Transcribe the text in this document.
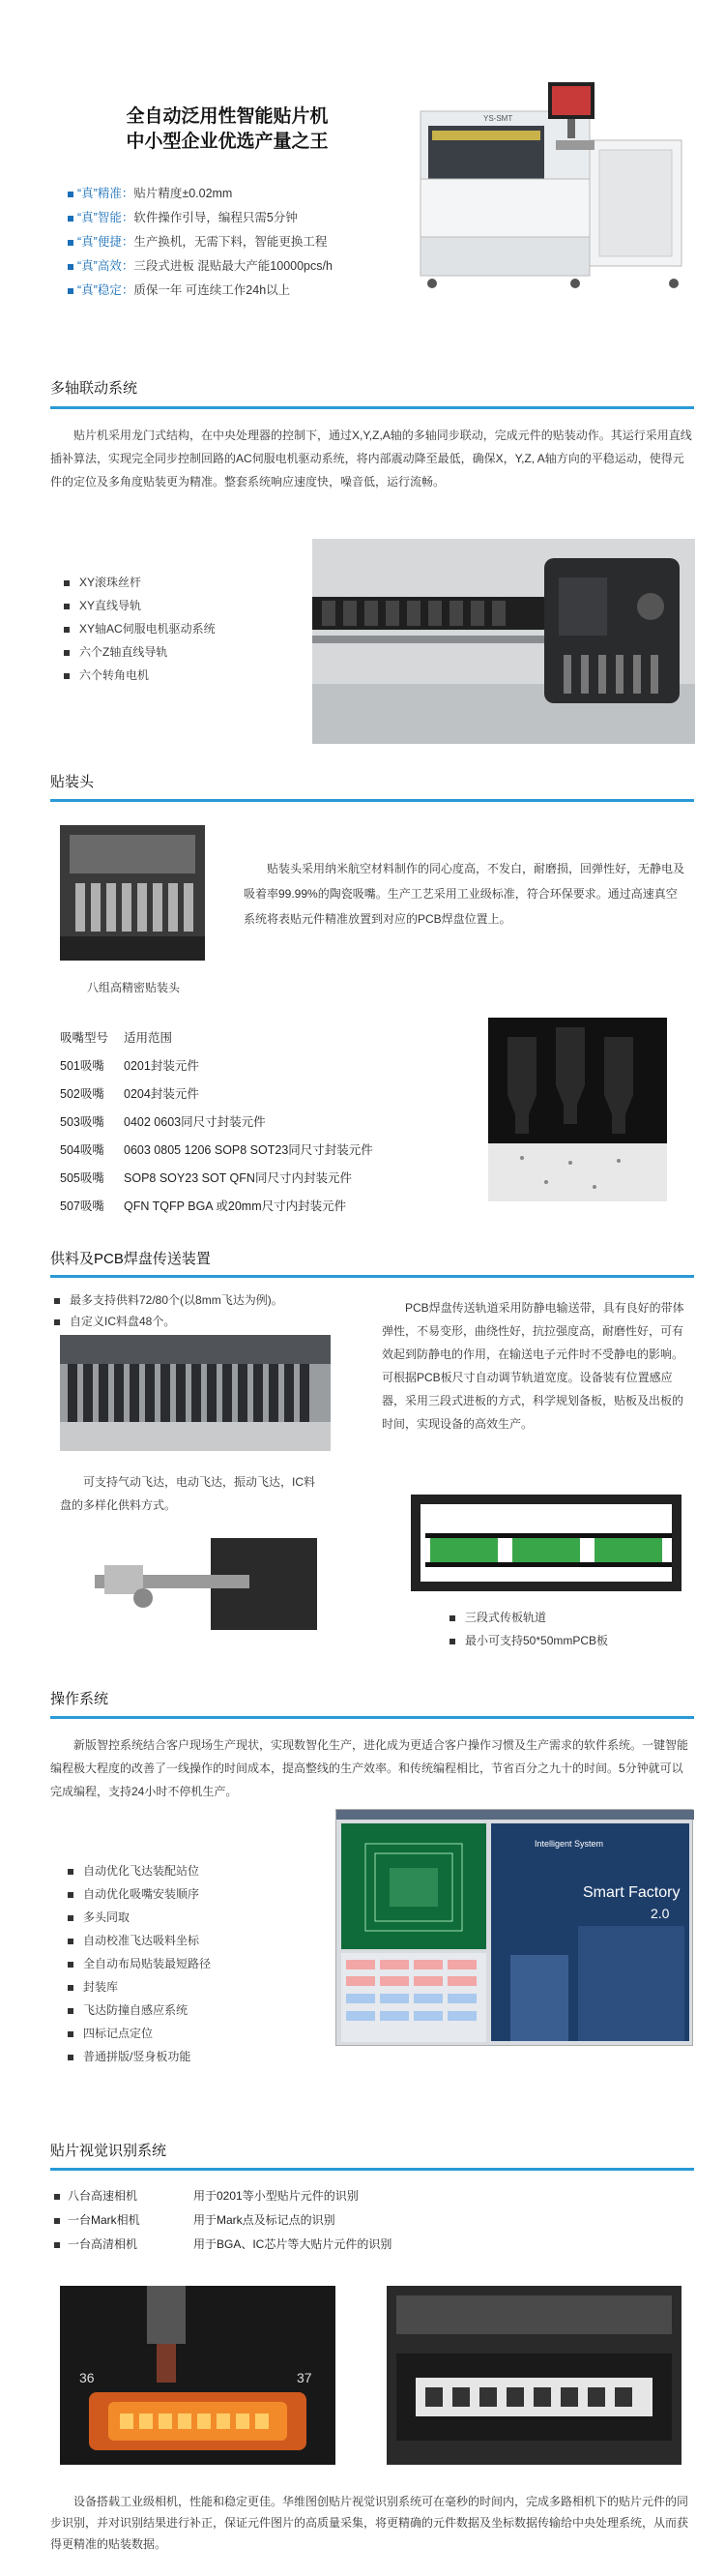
全自动泛用性智能贴片机
中小型企业优选产量之王
“真”精准：贴片精度±0.02mm
“真”智能：软件操作引导，编程只需5分钟
“真”便捷：生产换机，无需下料，智能更换工程
“真”高效：三段式进板 混贴最大产能10000pcs/h
“真”稳定：质保一年 可连续工作24h以上
YS-SMT
多轴联动系统
贴片机采用龙门式结构，在中央处理器的控制下，通过X,Y,Z,A轴的多轴同步联动，完成元件的贴装动作。其运行采用直线插补算法，实现完全同步控制回路的AC伺服电机驱动系统，将内部震动降至最低，确保X，Y,Z, A轴方向的平稳运动，使得元件的定位及多角度贴装更为精准。整套系统响应速度快，噪音低，运行流畅。
XY滚珠丝杆
XY直线导轨
XY轴AC伺服电机驱动系统
六个Z轴直线导轨
六个转角电机
贴装头
八组高精密贴装头
贴装头采用纳米航空材料制作的同心度高，不发白，耐磨损，回弹性好，无静电及吸着率99.99%的陶瓷吸嘴。生产工艺采用工业级标准，符合环保要求。通过高速真空系统将表贴元件精准放置到对应的PCB焊盘位置上。
吸嘴型号	适用范围
501吸嘴	0201封装元件
502吸嘴	0204封装元件
503吸嘴	0402 0603同尺寸封装元件
504吸嘴	0603 0805 1206 SOP8 SOT23同尺寸封装元件
505吸嘴	SOP8 SOY23 SOT QFN同尺寸内封装元件
507吸嘴	QFN TQFP BGA 或20mm尺寸内封装元件
供料及PCB焊盘传送装置
最多支持供料72/80个(以8mm飞达为例)。
自定义IC料盘48个。
可支持气动飞达，电动飞达，振动飞达，IC料盘的多样化供料方式。
PCB焊盘传送轨道采用防静电输送带，具有良好的带体弹性，不易变形，曲绕性好，抗拉强度高，耐磨性好，可有效起到防静电的作用，在输送电子元件时不受静电的影响。可根据PCB板尺寸自动调节轨道宽度。设备装有位置感应器，采用三段式进板的方式，科学规划备板，贴板及出板的时间，实现设备的高效生产。
三段式传板轨道
最小可支持50*50mmPCB板
操作系统
新版智控系统结合客户现场生产现状，实现数智化生产，进化成为更适合客户操作习惯及生产需求的软件系统。一键智能编程极大程度的改善了一线操作的时间成本，提高整线的生产效率。和传统编程相比，节省百分之九十的时间。5分钟就可以完成编程，支持24小时不停机生产。
自动优化飞达装配站位
自动优化吸嘴安装顺序
多头同取
自动校准飞达吸料坐标
全自动布局贴装最短路径
封装库
飞达防撞自感应系统
四标记点定位
普通拼版/竖身板功能
Intelligent System
Smart Factory
2.0
贴片视觉识别系统
八台高速相机	用于0201等小型贴片元件的识别
一台Mark相机	用于Mark点及标记点的识别
一台高清相机	用于BGA、IC芯片等大贴片元件的识别
36	37
设备搭载工业级相机，性能和稳定更佳。华维图创贴片视觉识别系统可在毫秒的时间内，完成多路相机下的贴片元件的同步识别，并对识别结果进行补正，保证元件图片的高质量采集，将更精确的元件数据及坐标数据传输给中央处理系统，从而获得更精准的贴装数据。
